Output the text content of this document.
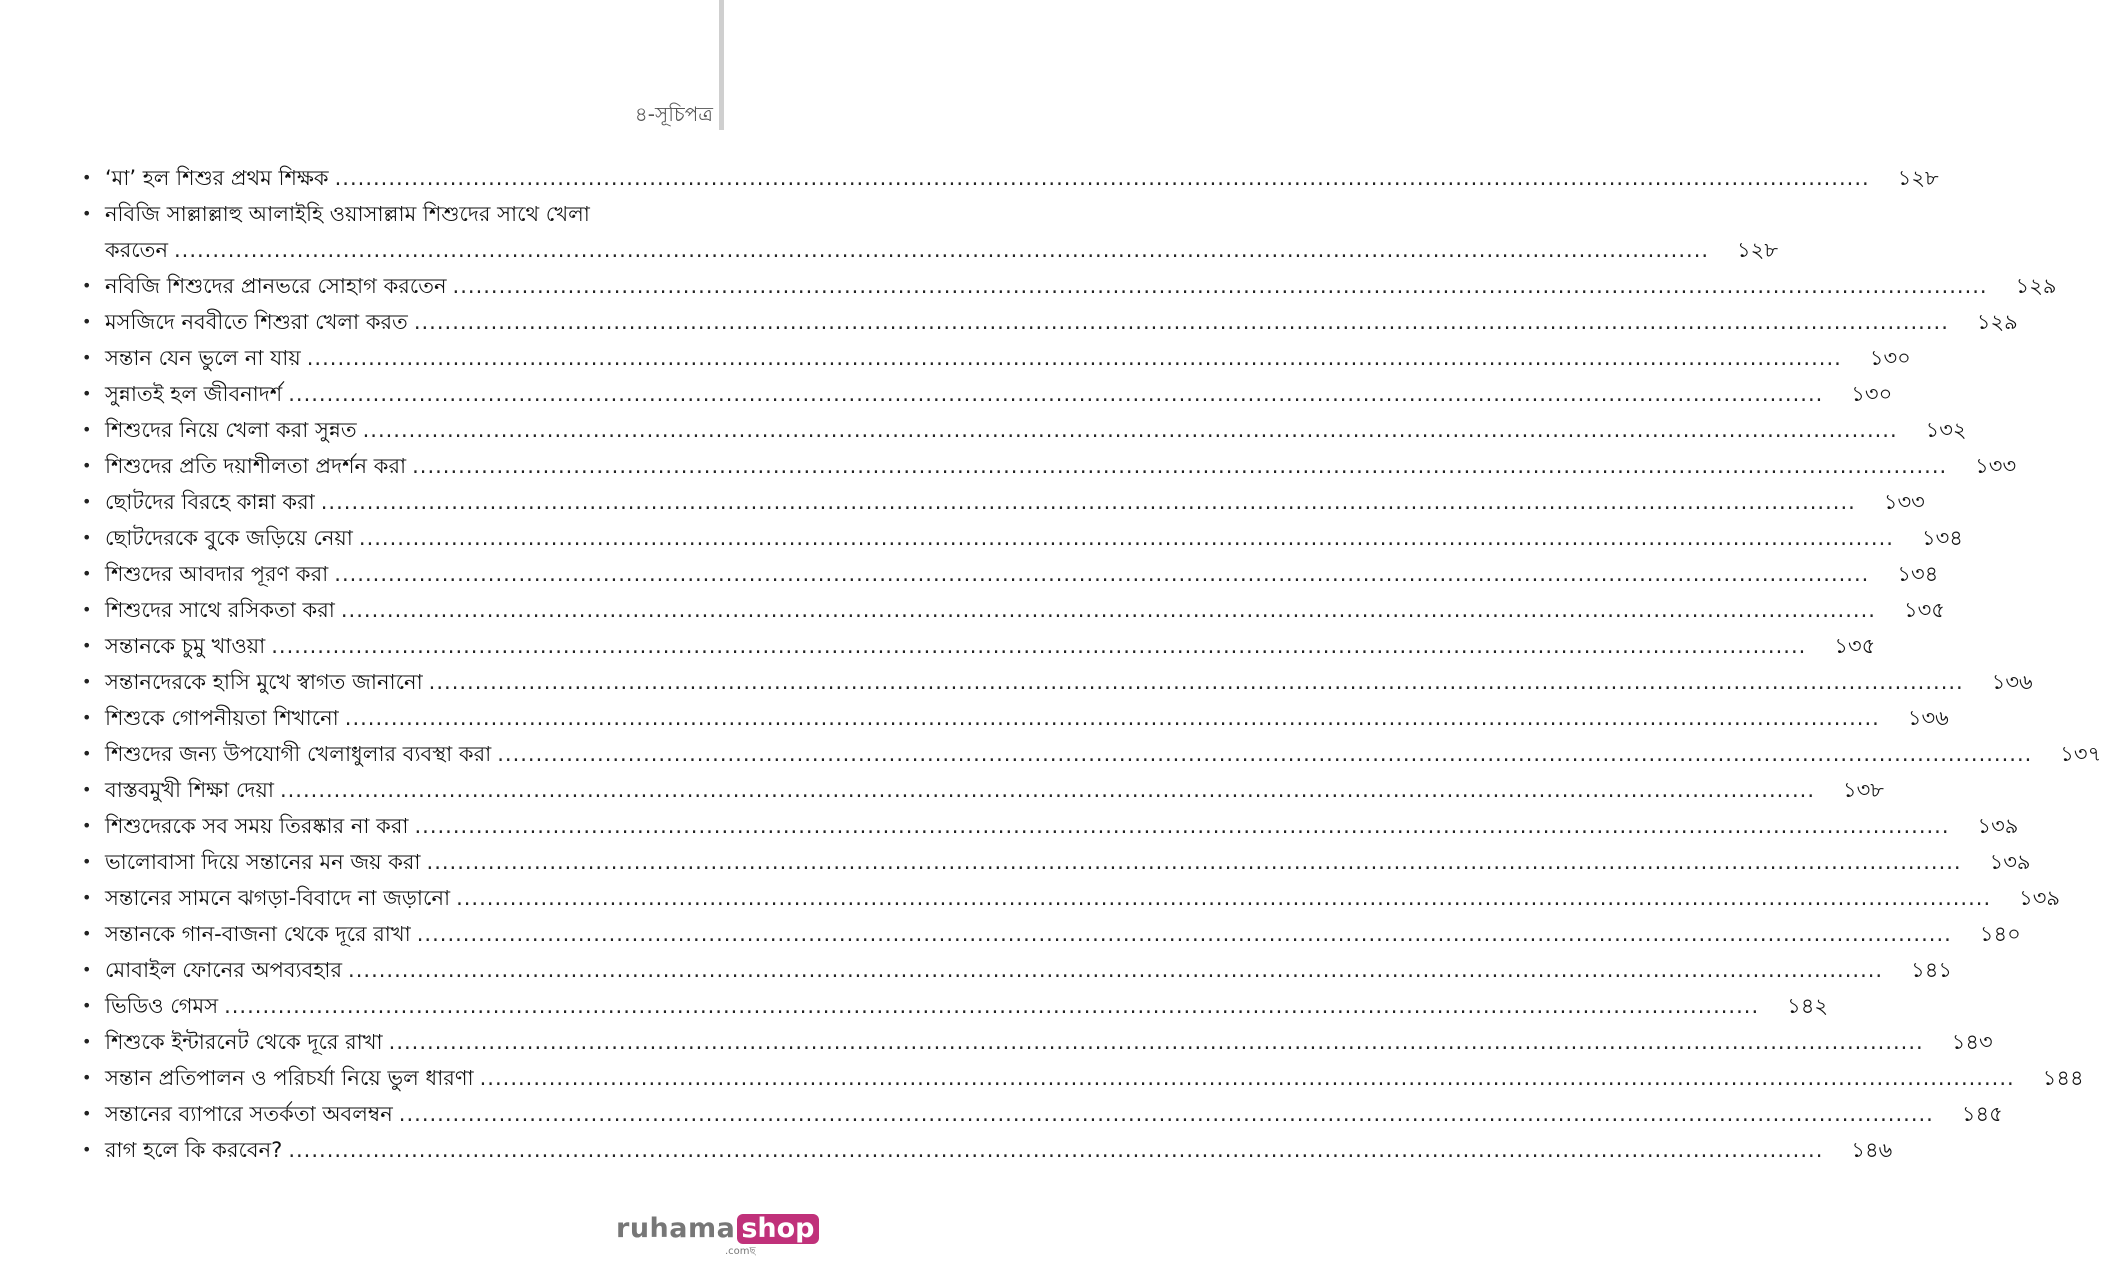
৪-সূচিপত্র
• ‘মা’ হল শিশুর প্রথম শিক্ষক ........................................................................................................................................................................................................	১২৮
• নবিজি সাল্লাল্লাহু আলাইহি ওয়াসাল্লাম শিশুদের সাথে খেলা
করতেন ........................................................................................................................................................................................................	১২৮
• নবিজি শিশুদের প্রানভরে সোহাগ করতেন ........................................................................................................................................................................................................	১২৯
• মসজিদে নববীতে শিশুরা খেলা করত ........................................................................................................................................................................................................	১২৯
• সন্তান যেন ভুলে না যায় ........................................................................................................................................................................................................	১৩০
• সুন্নাতই হল জীবনাদর্শ ........................................................................................................................................................................................................	১৩০
• শিশুদের নিয়ে খেলা করা সুন্নত ........................................................................................................................................................................................................	১৩২
• শিশুদের প্রতি দয়াশীলতা প্রদর্শন করা ........................................................................................................................................................................................................	১৩৩
• ছোটদের বিরহে কান্না করা ........................................................................................................................................................................................................	১৩৩
• ছোটদেরকে বুকে জড়িয়ে নেয়া ........................................................................................................................................................................................................	১৩৪
• শিশুদের আবদার পূরণ করা ........................................................................................................................................................................................................	১৩৪
• শিশুদের সাথে রসিকতা করা ........................................................................................................................................................................................................	১৩৫
• সন্তানকে চুমু খাওয়া ........................................................................................................................................................................................................	১৩৫
• সন্তানদেরকে হাসি মুখে স্বাগত জানানো ........................................................................................................................................................................................................	১৩৬
• শিশুকে গোপনীয়তা শিখানো ........................................................................................................................................................................................................	১৩৬
• শিশুদের জন্য উপযোগী খেলাধুলার ব্যবস্থা করা ........................................................................................................................................................................................................	১৩৭
• বাস্তবমুখী শিক্ষা দেয়া ........................................................................................................................................................................................................	১৩৮
• শিশুদেরকে সব সময় তিরষ্কার না করা ........................................................................................................................................................................................................	১৩৯
• ভালোবাসা দিয়ে সন্তানের মন জয় করা ........................................................................................................................................................................................................	১৩৯
• সন্তানের সামনে ঝগড়া-বিবাদে না জড়ানো ........................................................................................................................................................................................................	১৩৯
• সন্তানকে গান-বাজনা থেকে দূরে রাখা ........................................................................................................................................................................................................	১৪০
• মোবাইল ফোনের অপব্যবহার ........................................................................................................................................................................................................	১৪১
• ভিডিও গেমস ........................................................................................................................................................................................................	১৪২
• শিশুকে ইন্টারনেট থেকে দূরে রাখা ........................................................................................................................................................................................................	১৪৩
• সন্তান প্রতিপালন ও পরিচর্যা নিয়ে ভুল ধারণা ........................................................................................................................................................................................................	১৪৪
• সন্তানের ব্যাপারে সতর্কতা অবলম্বন ........................................................................................................................................................................................................	১৪৫
• রাগ হলে কি করবেন? ........................................................................................................................................................................................................	১৪৬
ruhama shop
.comছ
